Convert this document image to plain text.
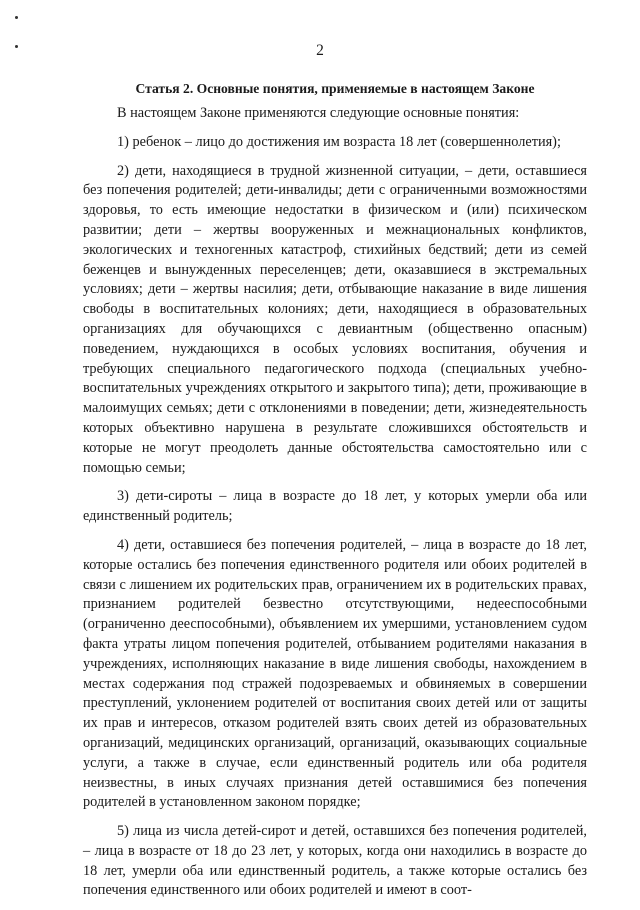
2

Статья 2. Основные понятия, применяемые в настоящем Законе

В настоящем Законе применяются следующие основные понятия:

1) ребенок – лицо до достижения им возраста 18 лет (совершеннолетия);

2) дети, находящиеся в трудной жизненной ситуации, – дети, оставшиеся без попечения родителей; дети-инвалиды; дети с ограниченными возможностями здоровья, то есть имеющие недостатки в физическом и (или) психическом развитии; дети – жертвы вооруженных и межнациональных конфликтов, экологических и техногенных катастроф, стихийных бедствий; дети из семей беженцев и вынужденных переселенцев; дети, оказавшиеся в экстремальных условиях; дети – жертвы насилия; дети, отбывающие наказание в виде лишения свободы в воспитательных колониях; дети, находящиеся в образовательных организациях для обучающихся с девиантным (общественно опасным) поведением, нуждающихся в особых условиях воспитания, обучения и требующих специального педагогического подхода (специальных учебно-воспитательных учреждениях открытого и закрытого типа); дети, проживающие в малоимущих семьях; дети с отклонениями в поведении; дети, жизнедеятельность которых объективно нарушена в результате сложившихся обстоятельств и которые не могут преодолеть данные обстоятельства самостоятельно или с помощью семьи;

3) дети-сироты – лица в возрасте до 18 лет, у которых умерли оба или единственный родитель;

4) дети, оставшиеся без попечения родителей, – лица в возрасте до 18 лет, которые остались без попечения единственного родителя или обоих родителей в связи с лишением их родительских прав, ограничением их в родительских правах, признанием родителей безвестно отсутствующими, недееспособными (ограниченно дееспособными), объявлением их умершими, установлением судом факта утраты лицом попечения родителей, отбыванием родителями наказания в учреждениях, исполняющих наказание в виде лишения свободы, нахождением в местах содержания под стражей подозреваемых и обвиняемых в совершении преступлений, уклонением родителей от воспитания своих детей или от защиты их прав и интересов, отказом родителей взять своих детей из образовательных организаций, медицинских организаций, организаций, оказывающих социальные услуги, а также в случае, если единственный родитель или оба родителя неизвестны, в иных случаях признания детей оставшимися без попечения родителей в установленном законом порядке;

5) лица из числа детей-сирот и детей, оставшихся без попечения родителей, – лица в возрасте от 18 до 23 лет, у которых, когда они находились в возрасте до 18 лет, умерли оба или единственный родитель, а также которые остались без попечения единственного или обоих родителей и имеют в соот-
